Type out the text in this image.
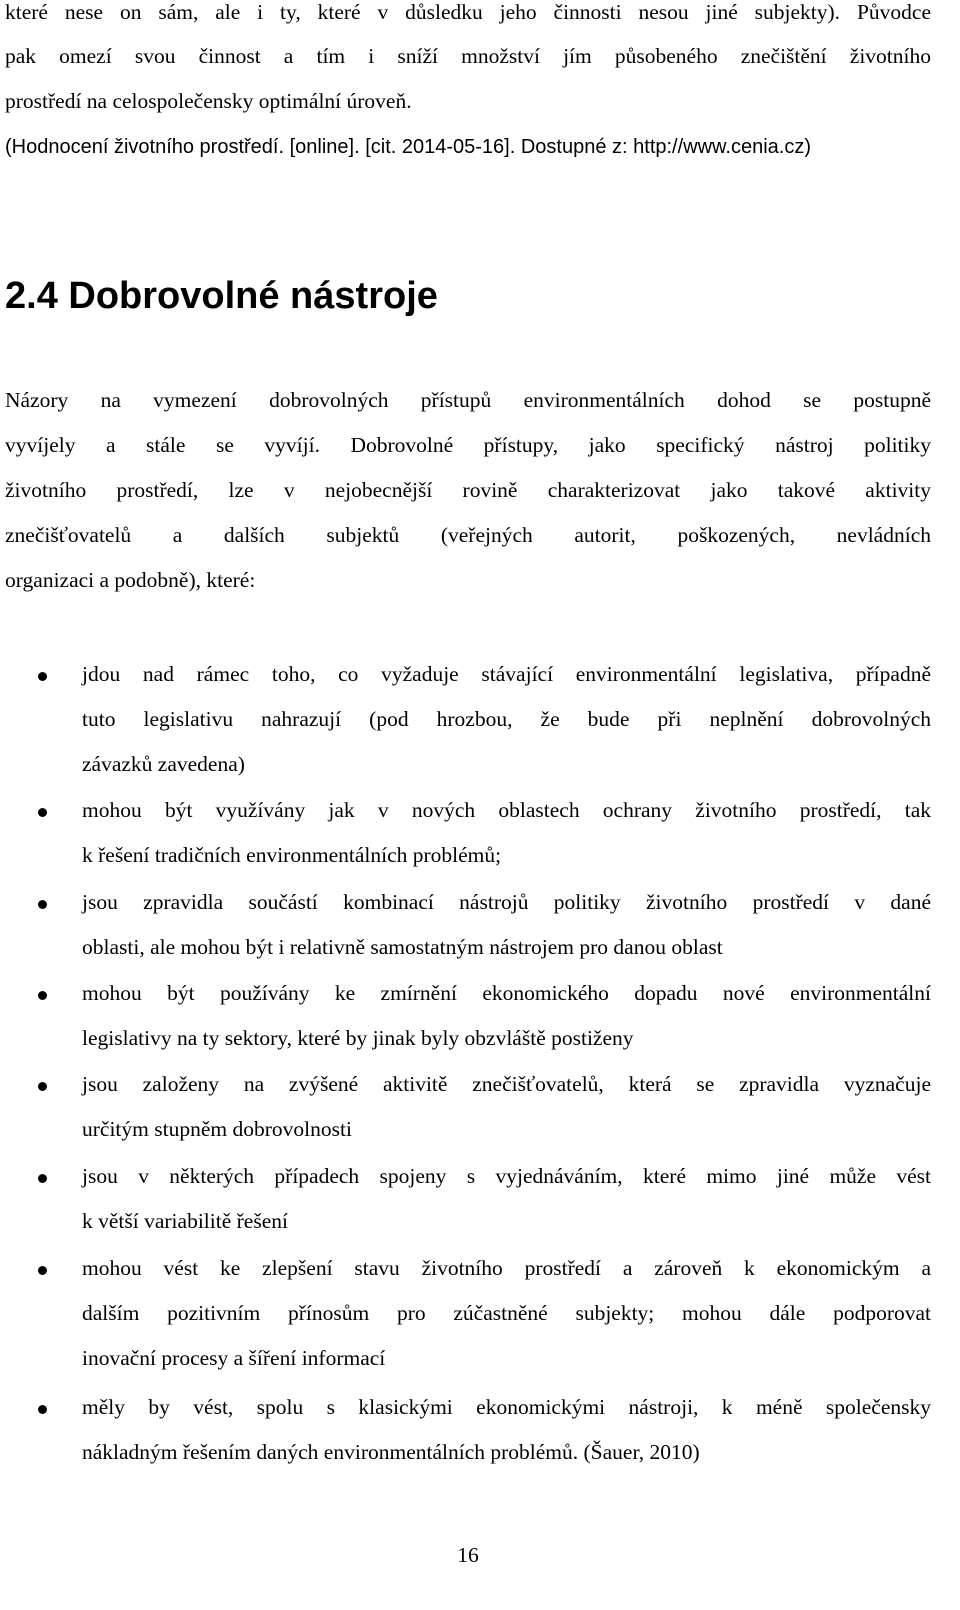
které nese on sám, ale i ty, které v důsledku jeho činnosti nesou jiné subjekty). Původce

pak omezí svou činnost a tím i sníží množství jím působeného znečištění životního

prostředí na celospolečensky optimální úroveň.

(Hodnocení životního prostředí. [online]. [cit. 2014-05-16]. Dostupné z: http://www.cenia.cz)

2.4 Dobrovolné nástroje

Názory na vymezení dobrovolných přístupů environmentálních dohod se postupně

vyvíjely a stále se vyvíjí. Dobrovolné přístupy, jako specifický nástroj politiky

životního prostředí, lze v nejobecnější rovině charakterizovat jako takové aktivity

znečišťovatelů a dalších subjektů (veřejných autorit, poškozených, nevládních

organizaci a podobně), které:

jdou nad rámec toho, co vyžaduje stávající environmentální legislativa, případně

tuto legislativu nahrazují (pod hrozbou, že bude při neplnění dobrovolných

závazků zavedena)

mohou být využívány jak v nových oblastech ochrany životního prostředí, tak

k řešení tradičních environmentálních problémů;

jsou zpravidla součástí kombinací nástrojů politiky životního prostředí v dané

oblasti, ale mohou být i relativně samostatným nástrojem pro danou oblast

mohou být používány ke zmírnění ekonomického dopadu nové environmentální

legislativy na ty sektory, které by jinak byly obzvláště postiženy

jsou založeny na zvýšené aktivitě znečišťovatelů, která se zpravidla vyznačuje

určitým stupněm dobrovolnosti

jsou v některých případech spojeny s vyjednáváním, které mimo jiné může vést

k větší variabilitě řešení

mohou vést ke zlepšení stavu životního prostředí a zároveň k ekonomickým a

dalším pozitivním přínosům pro zúčastněné subjekty; mohou dále podporovat

inovační procesy a šíření informací

měly by vést, spolu s klasickými ekonomickými nástroji, k méně společensky

nákladným řešením daných environmentálních problémů. (Šauer, 2010)

16
